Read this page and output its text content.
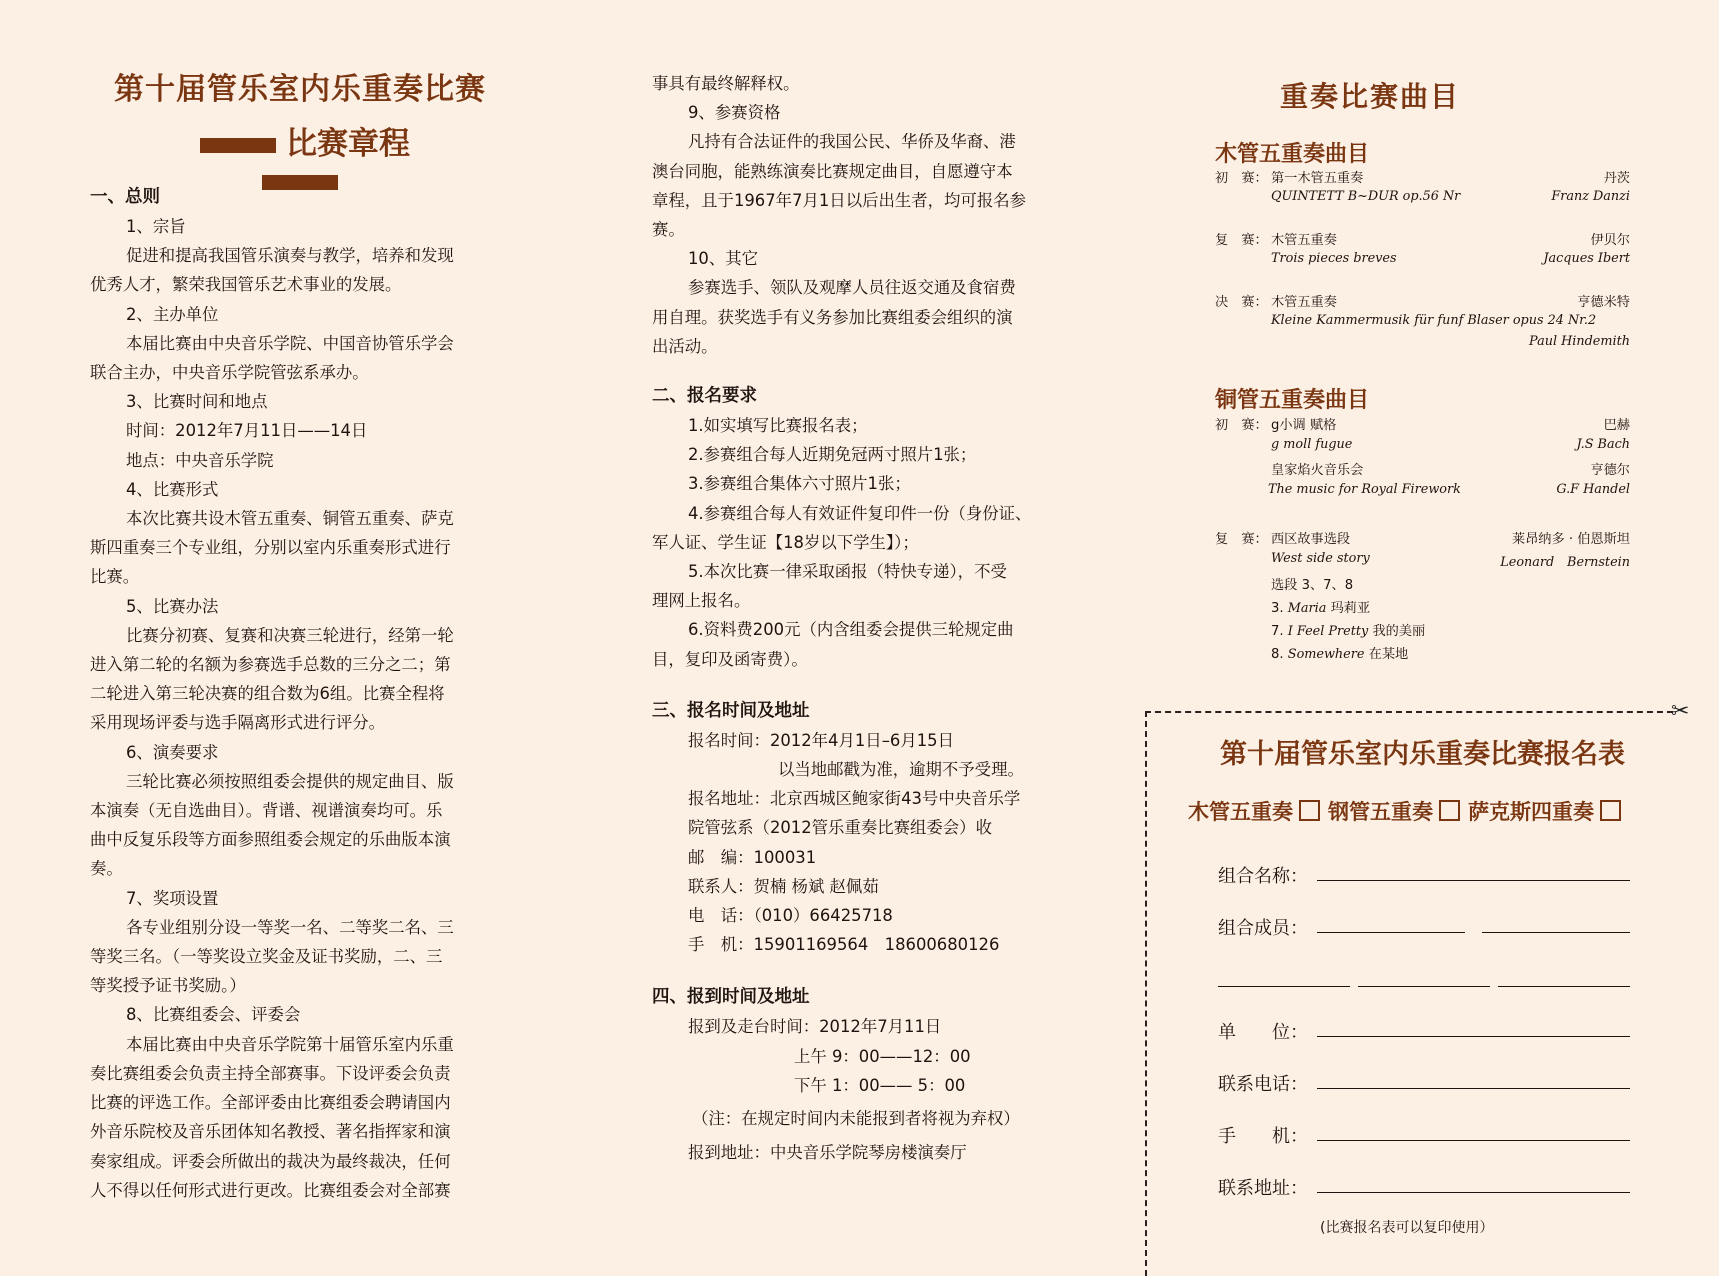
第十届管乐室内乐重奏比赛
比赛章程

一、总则

1、宗旨

促进和提高我国管乐演奏与教学，培养和发现

优秀人才，繁荣我国管乐艺术事业的发展。

2、主办单位

本届比赛由中央音乐学院、中国音协管乐学会

联合主办，中央音乐学院管弦系承办。

3、比赛时间和地点

时间：2012年7月11日——14日

地点：中央音乐学院

4、比赛形式

本次比赛共设木管五重奏、铜管五重奏、萨克

斯四重奏三个专业组，分别以室内乐重奏形式进行

比赛。

5、比赛办法

比赛分初赛、复赛和决赛三轮进行，经第一轮

进入第二轮的名额为参赛选手总数的三分之二；第

二轮进入第三轮决赛的组合数为6组。比赛全程将

采用现场评委与选手隔离形式进行评分。

6、演奏要求

三轮比赛必须按照组委会提供的规定曲目、版

本演奏（无自选曲目）。背谱、视谱演奏均可。乐

曲中反复乐段等方面参照组委会规定的乐曲版本演

奏。

7、奖项设置

各专业组别分设一等奖一名、二等奖二名、三

等奖三名。（一等奖设立奖金及证书奖励，二、三

等奖授予证书奖励。）

8、比赛组委会、评委会

本届比赛由中央音乐学院第十届管乐室内乐重

奏比赛组委会负责主持全部赛事。下设评委会负责

比赛的评选工作。全部评委由比赛组委会聘请国内

外音乐院校及音乐团体知名教授、著名指挥家和演

奏家组成。评委会所做出的裁决为最终裁决，任何

人不得以任何形式进行更改。比赛组委会对全部赛

事具有最终解释权。

9、参赛资格

凡持有合法证件的我国公民、华侨及华裔、港

澳台同胞，能熟练演奏比赛规定曲目，自愿遵守本

章程，且于1967年7月1日以后出生者，均可报名参

赛。

10、其它

参赛选手、领队及观摩人员往返交通及食宿费

用自理。获奖选手有义务参加比赛组委会组织的演

出活动。

二、报名要求

1.如实填写比赛报名表；

2.参赛组合每人近期免冠两寸照片1张；

3.参赛组合集体六寸照片1张；

4.参赛组合每人有效证件复印件一份（身份证、

军人证、学生证【18岁以下学生】）；

5.本次比赛一律采取函报（特快专递），不受

理网上报名。

6.资料费200元（内含组委会提供三轮规定曲

目，复印及函寄费）。

三、报名时间及地址

报名时间：2012年4月1日–6月15日

以当地邮戳为准，逾期不予受理。

报名地址：北京西城区鲍家街43号中央音乐学

院管弦系（2012管乐重奏比赛组委会）收

邮　编：100031

联系人：贺楠 杨斌 赵佩茹

电　话：（010）66425718

手　机：15901169564　18600680126

四、报到时间及地址

报到及走台时间：2012年7月11日

上午 9：00——12：00

下午 1：00—— 5：00

（注：在规定时间内未能报到者将视为弃权）

报到地址：中央音乐学院琴房楼演奏厅

重奏比赛曲目
木管五重奏曲目
初　赛： 第一木管五重奏	丹茨
QUINTETT B~DUR op.56 Nr	Franz Danzi
复　赛： 木管五重奏	伊贝尔
Trois pieces breves	Jacques Ibert
决　赛： 木管五重奏	亨德米特
Kleine Kammermusik für funf Blaser opus 24 Nr.2
Paul Hindemith
铜管五重奏曲目
初　赛： g小调 赋格	巴赫
g moll fugue	J.S Bach
皇家焰火音乐会	亨德尔
The music for Royal Firework	G.F Handel
复　赛： 西区故事选段	莱昂纳多 · 伯恩斯坦
West side story	Leonard　Bernstein
选段 3、7、8
3. Maria 玛莉亚
7. I Feel Pretty 我的美丽
8. Somewhere 在某地
✂
第十届管乐室内乐重奏比赛报名表
木管五重奏 钢管五重奏 萨克斯四重奏
组合名称：
组合成员：
单　　位：
联系电话：
手　　机：
联系地址：
(比赛报名表可以复印使用）
